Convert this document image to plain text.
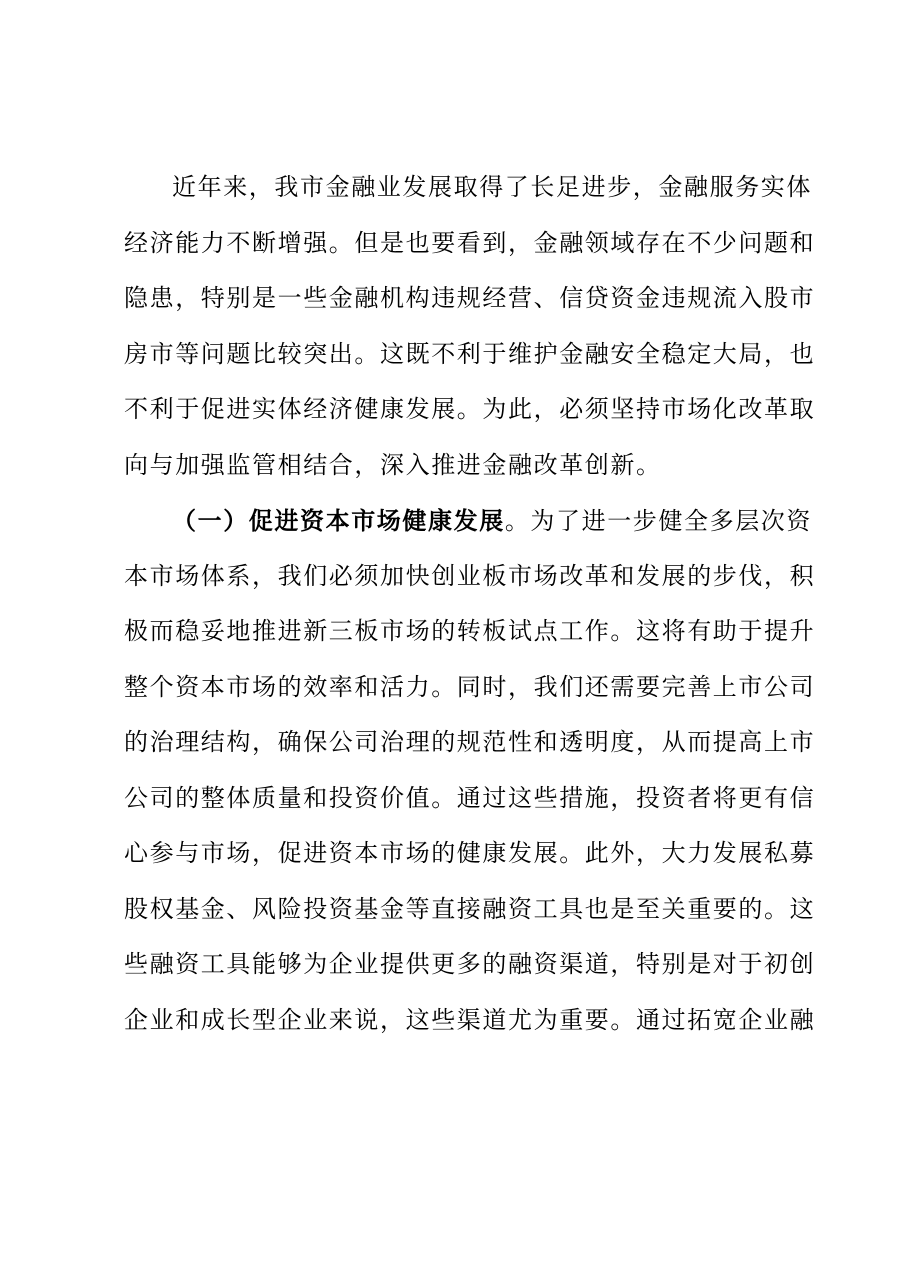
近年来，我市金融业发展取得了长足进步，金融服务实体
经济能力不断增强。但是也要看到，金融领域存在不少问题和
隐患，特别是一些金融机构违规经营、信贷资金违规流入股市
房市等问题比较突出。这既不利于维护金融安全稳定大局，也
不利于促进实体经济健康发展。为此，必须坚持市场化改革取
向与加强监管相结合，深入推进金融改革创新。
（一）促进资本市场健康发展。为了进一步健全多层次资
本市场体系，我们必须加快创业板市场改革和发展的步伐，积
极而稳妥地推进新三板市场的转板试点工作。这将有助于提升
整个资本市场的效率和活力。同时，我们还需要完善上市公司
的治理结构，确保公司治理的规范性和透明度，从而提高上市
公司的整体质量和投资价值。通过这些措施，投资者将更有信
心参与市场，促进资本市场的健康发展。此外，大力发展私募
股权基金、风险投资基金等直接融资工具也是至关重要的。这
些融资工具能够为企业提供更多的融资渠道，特别是对于初创
企业和成长型企业来说，这些渠道尤为重要。通过拓宽企业融
